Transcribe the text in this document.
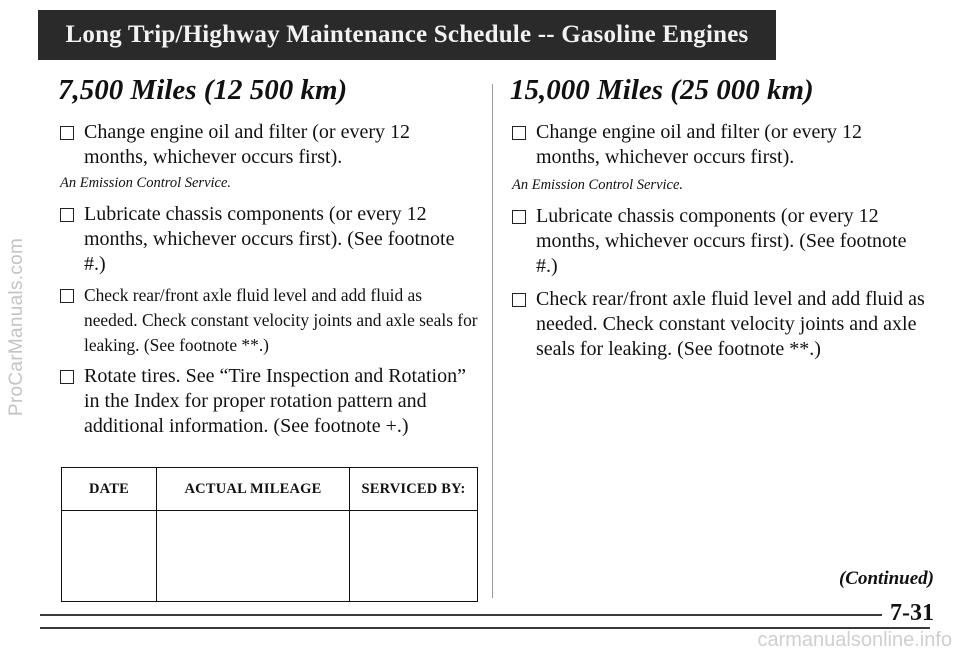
ProCarManuals.com
Long Trip/Highway Maintenance Schedule -- Gasoline Engines
7,500 Miles (12 500 km)
Change engine oil and filter (or every 12 months, whichever occurs first).
An Emission Control Service.
Lubricate chassis components (or every 12 months, whichever occurs first). (See footnote #.)
Check rear/front axle fluid level and add fluid as needed. Check constant velocity joints and axle seals for leaking. (See footnote **.)
Rotate tires. See “Tire Inspection and Rotation” in the Index for proper rotation pattern and additional information. (See footnote +.)
DATE	ACTUAL MILEAGE	SERVICED BY:

15,000 Miles (25 000 km)
Change engine oil and filter (or every 12 months, whichever occurs first).
An Emission Control Service.
Lubricate chassis components (or every 12 months, whichever occurs first). (See footnote #.)
Check rear/front axle fluid level and add fluid as needed. Check constant velocity joints and axle seals for leaking. (See footnote **.)
(Continued)
7-31
carmanualsonline.info
